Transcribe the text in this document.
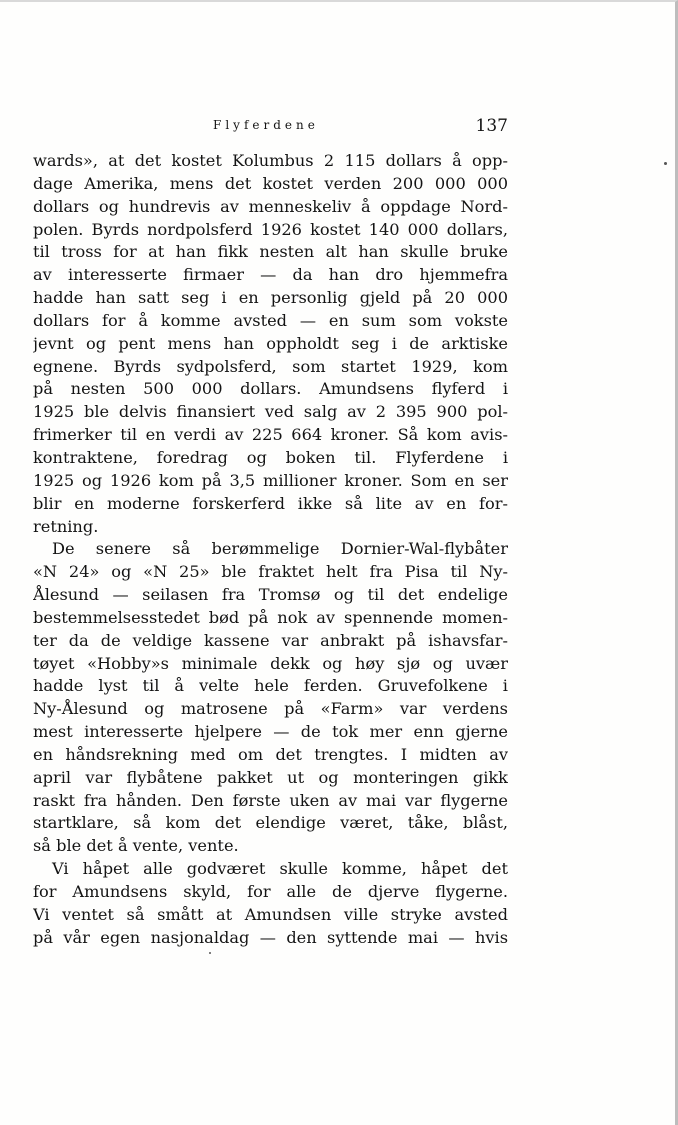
Flyferdene	137
wards», at det kostet Kolumbus 2 115 dollars å opp-
dage Amerika, mens det kostet verden 200 000 000
dollars og hundrevis av menneskeliv å oppdage Nord-
polen. Byrds nordpolsferd 1926 kostet 140 000 dollars,
til tross for at han fikk nesten alt han skulle bruke
av interesserte firmaer — da han dro hjemmefra
hadde han satt seg i en personlig gjeld på 20 000
dollars for å komme avsted — en sum som vokste
jevnt og pent mens han oppholdt seg i de arktiske
egnene. Byrds sydpolsferd, som startet 1929, kom
på nesten 500 000 dollars. Amundsens flyferd i
1925 ble delvis finansiert ved salg av 2 395 900 pol-
frimerker til en verdi av 225 664 kroner. Så kom avis-
kontraktene, foredrag og boken til. Flyferdene i
1925 og 1926 kom på 3,5 millioner kroner. Som en ser
blir en moderne forskerferd ikke så lite av en for-
retning.
De senere så berømmelige Dornier-Wal-flybåter
«N 24» og «N 25» ble fraktet helt fra Pisa til Ny-
Ålesund — seilasen fra Tromsø og til det endelige
bestemmelsesstedet bød på nok av spennende momen-
ter da de veldige kassene var anbrakt på ishavsfar-
tøyet «Hobby»s minimale dekk og høy sjø og uvær
hadde lyst til å velte hele ferden. Gruvefolkene i
Ny-Ålesund og matrosene på «Farm» var verdens
mest interesserte hjelpere — de tok mer enn gjerne
en håndsrekning med om det trengtes. I midten av
april var flybåtene pakket ut og monteringen gikk
raskt fra hånden. Den første uken av mai var flygerne
startklare, så kom det elendige været, tåke, blåst,
så ble det å vente, vente.
Vi håpet alle godværet skulle komme, håpet det
for Amundsens skyld, for alle de djerve flygerne.
Vi ventet så smått at Amundsen ville stryke avsted
på vår egen nasjonaldag — den syttende mai — hvis
